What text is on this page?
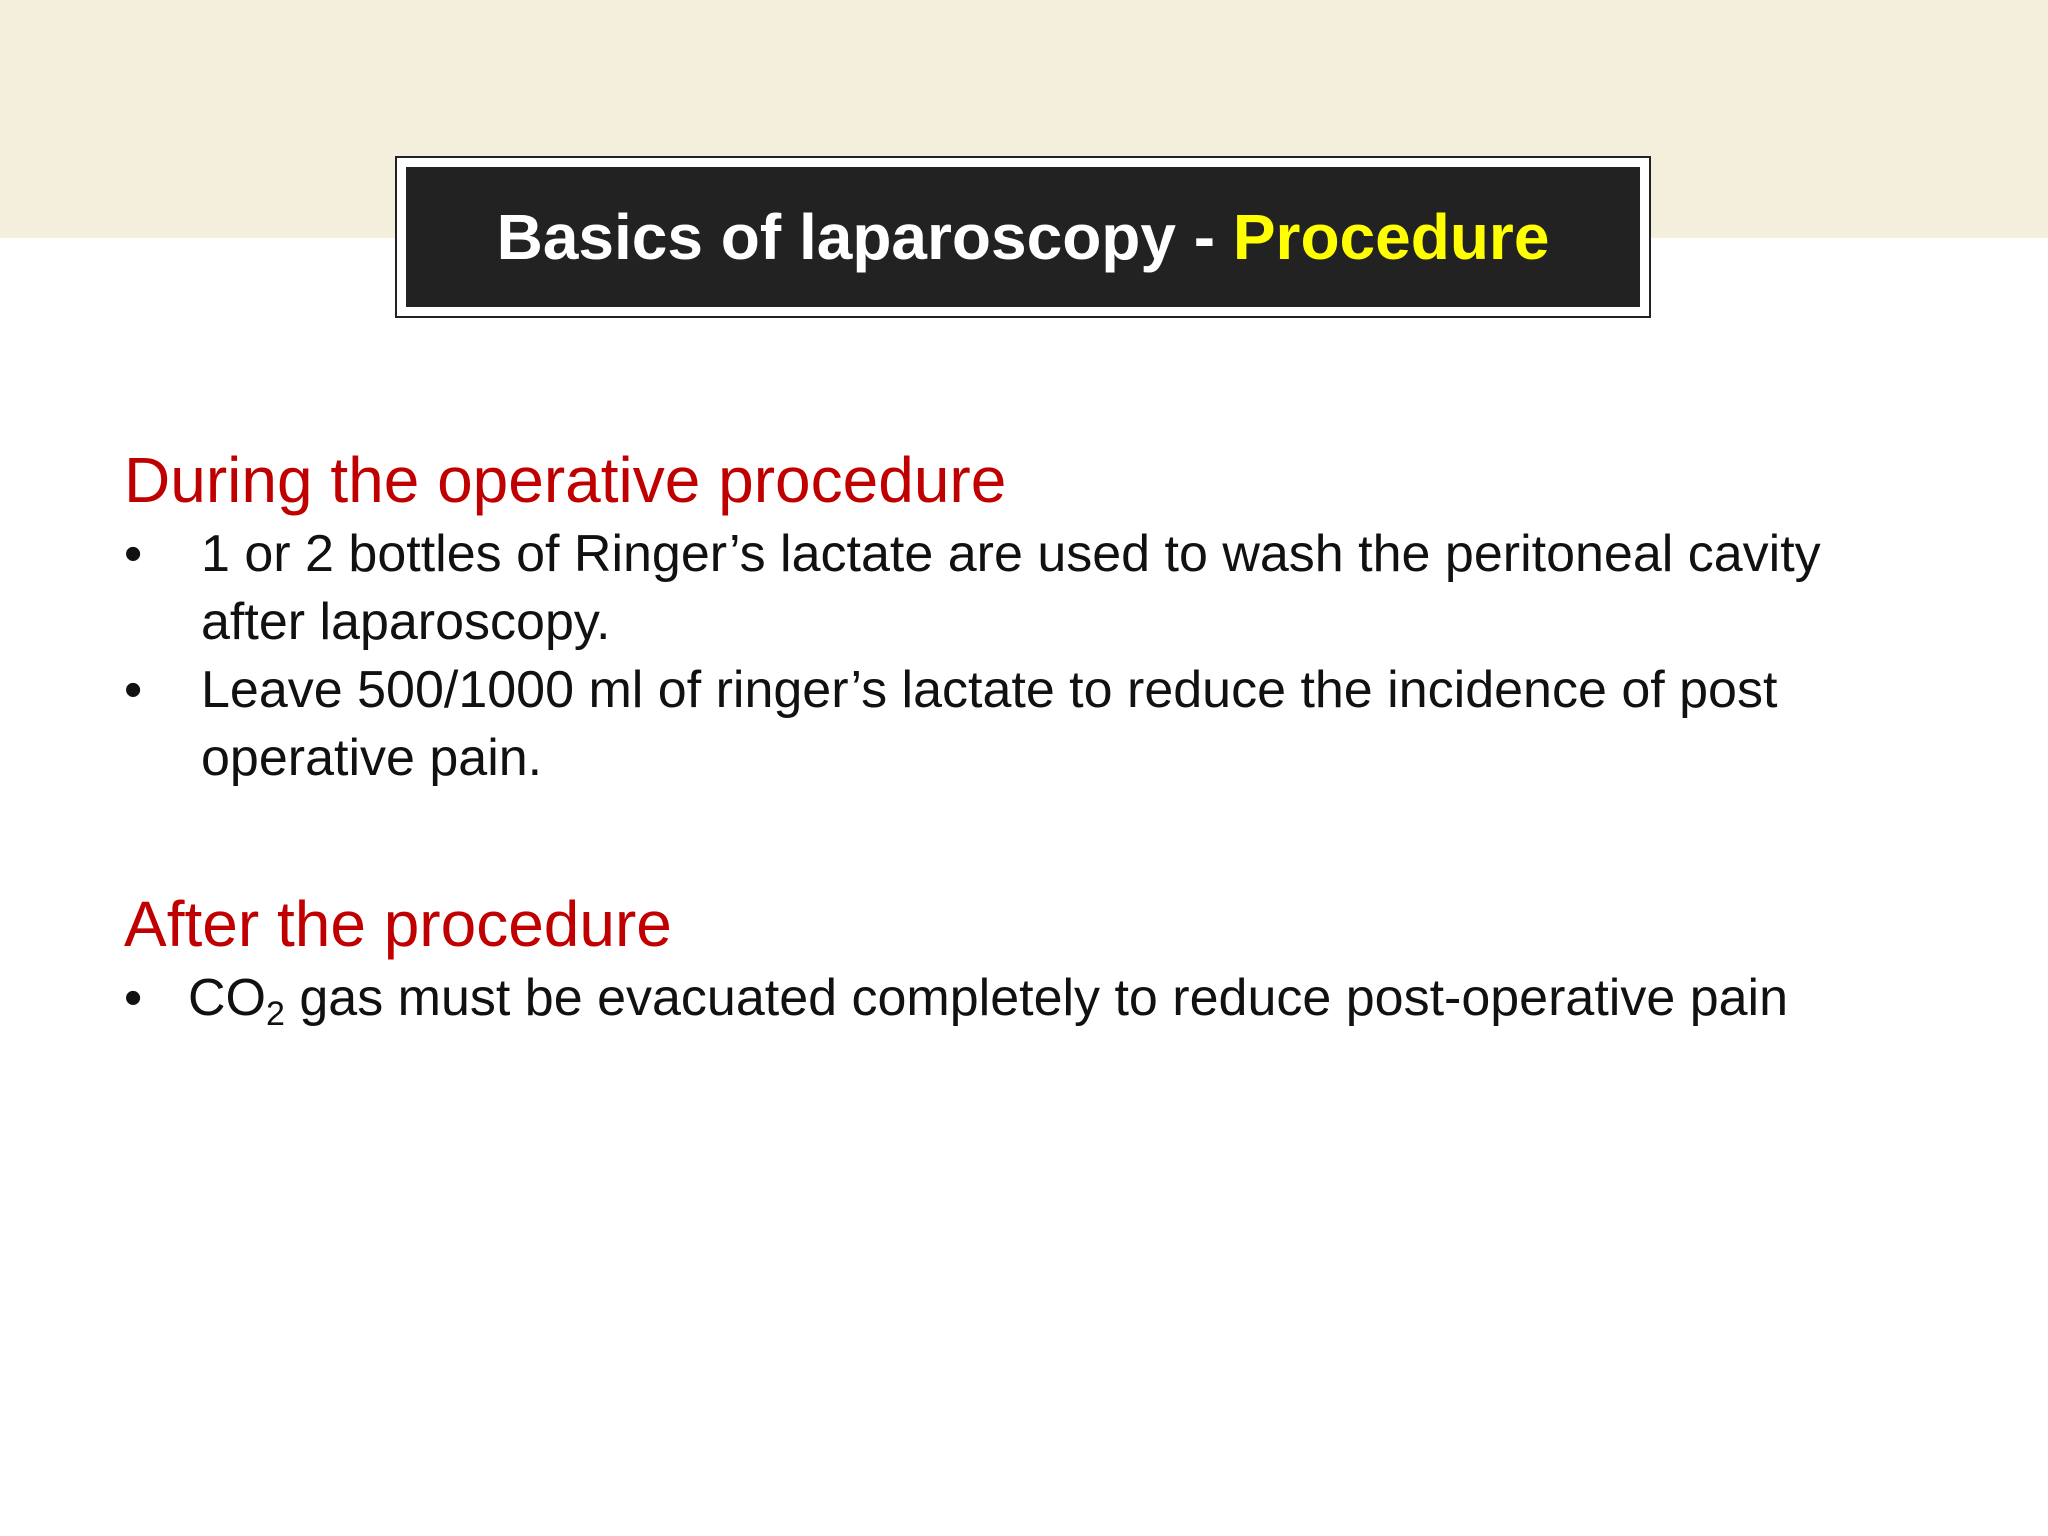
Basics of laparoscopy - Procedure
During the operative procedure
•	1 or 2 bottles of Ringer’s lactate are used to wash the peritoneal cavity after laparoscopy.
•	Leave 500/1000 ml of ringer’s lactate to reduce the incidence of post operative pain.
After the procedure
• $CO_2$ gas must be evacuated completely to reduce post-operative pain
